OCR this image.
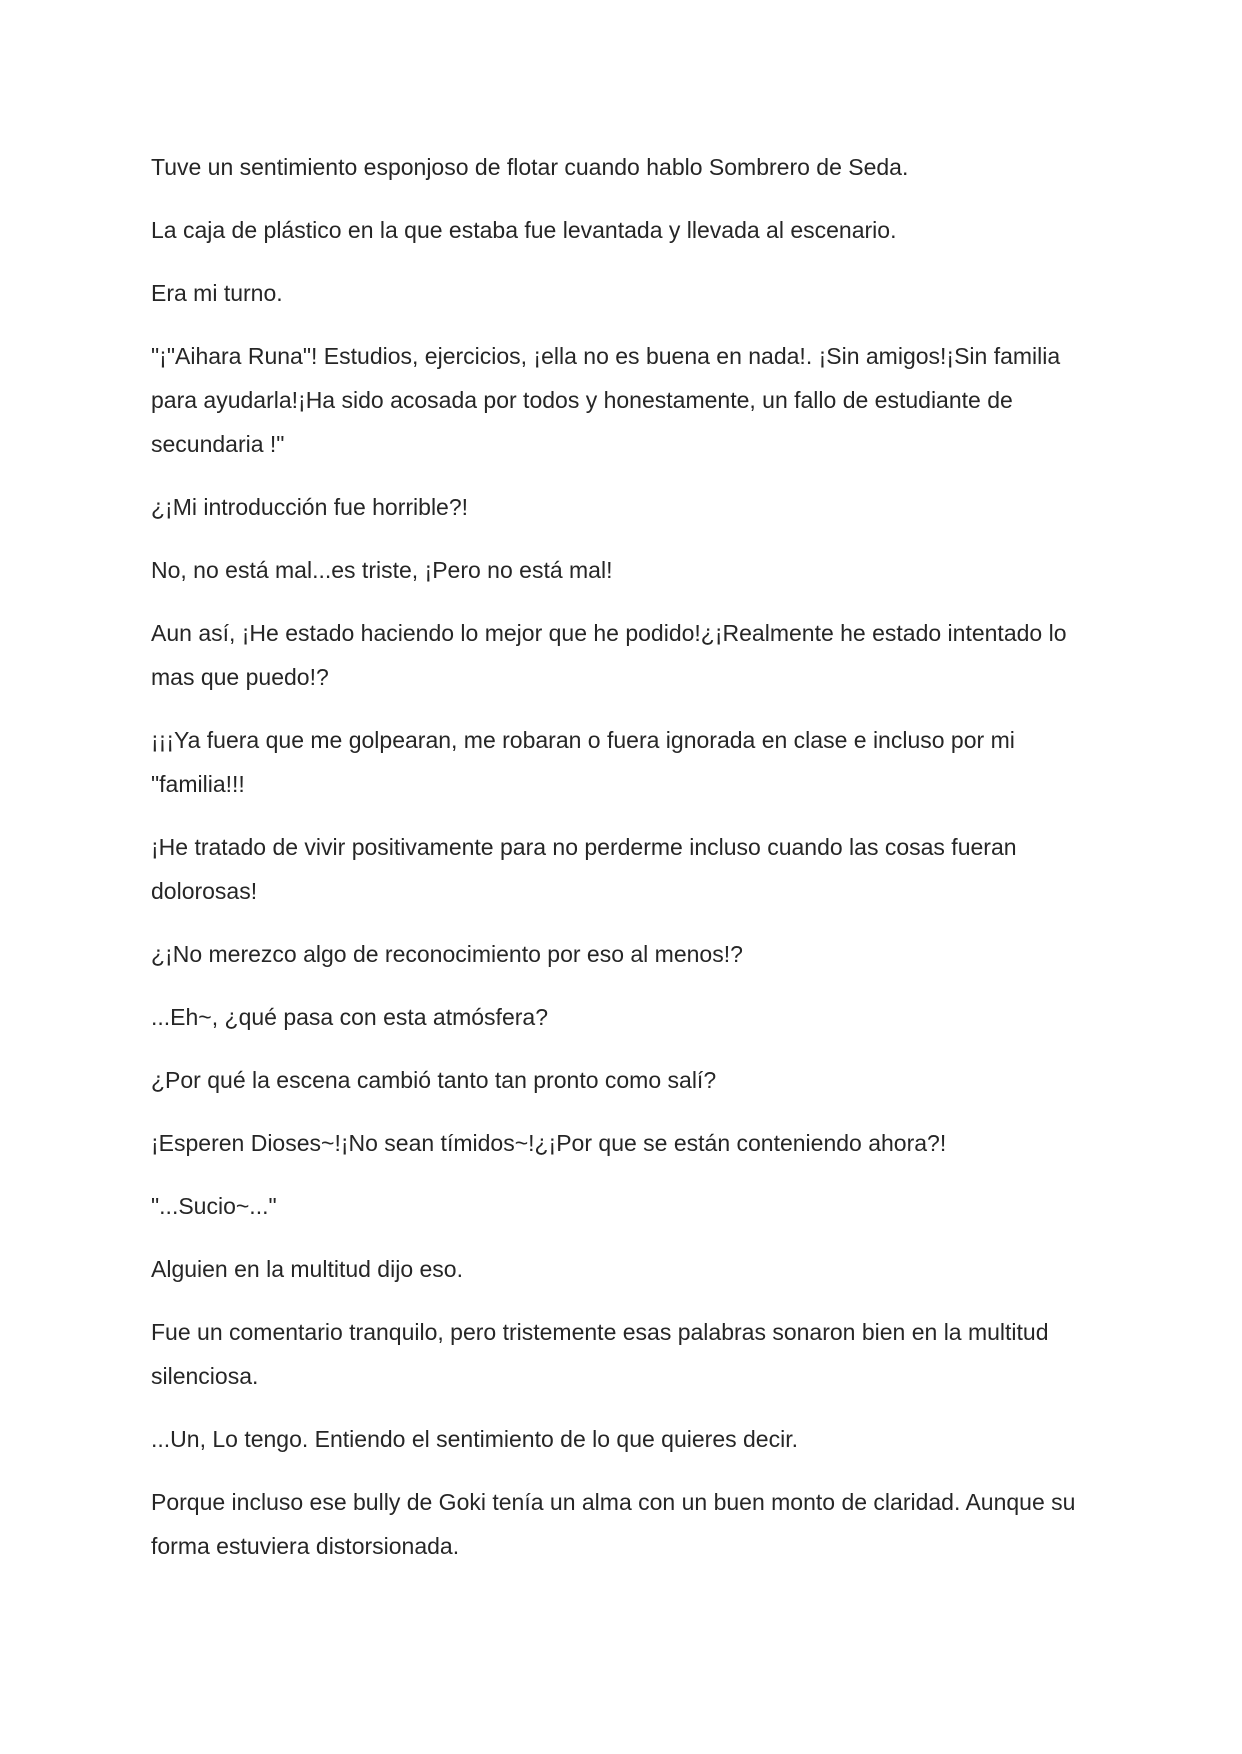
Tuve un sentimiento esponjoso de flotar cuando hablo Sombrero de Seda.

La caja de plástico en la que estaba fue levantada y llevada al escenario.

Era mi turno.

"¡"Aihara Runa"! Estudios, ejercicios, ¡ella no es buena en nada!. ¡Sin amigos!¡Sin familia para ayudarla!¡Ha sido acosada por todos y honestamente, un fallo de estudiante de secundaria !"

¿¡Mi introducción fue horrible?!

No, no está mal...es triste, ¡Pero no está mal!

Aun así, ¡He estado haciendo lo mejor que he podido!¿¡Realmente he estado intentado lo mas que puedo!?

¡¡¡Ya fuera que me golpearan, me robaran o fuera ignorada en clase e incluso por mi "familia!!!

¡He tratado de vivir positivamente para no perderme incluso cuando las cosas fueran dolorosas!

¿¡No merezco algo de reconocimiento por eso al menos!?

...Eh~, ¿qué pasa con esta atmósfera?

¿Por qué la escena cambió tanto tan pronto como salí?

¡Esperen Dioses~!¡No sean tímidos~!¿¡Por que se están conteniendo ahora?!

"...Sucio~..."

Alguien en la multitud dijo eso.

Fue un comentario tranquilo, pero tristemente esas palabras sonaron bien en la multitud silenciosa.

...Un, Lo tengo. Entiendo el sentimiento de lo que quieres decir.

Porque incluso ese bully de Goki tenía un alma con un buen monto de claridad. Aunque su forma estuviera distorsionada.
